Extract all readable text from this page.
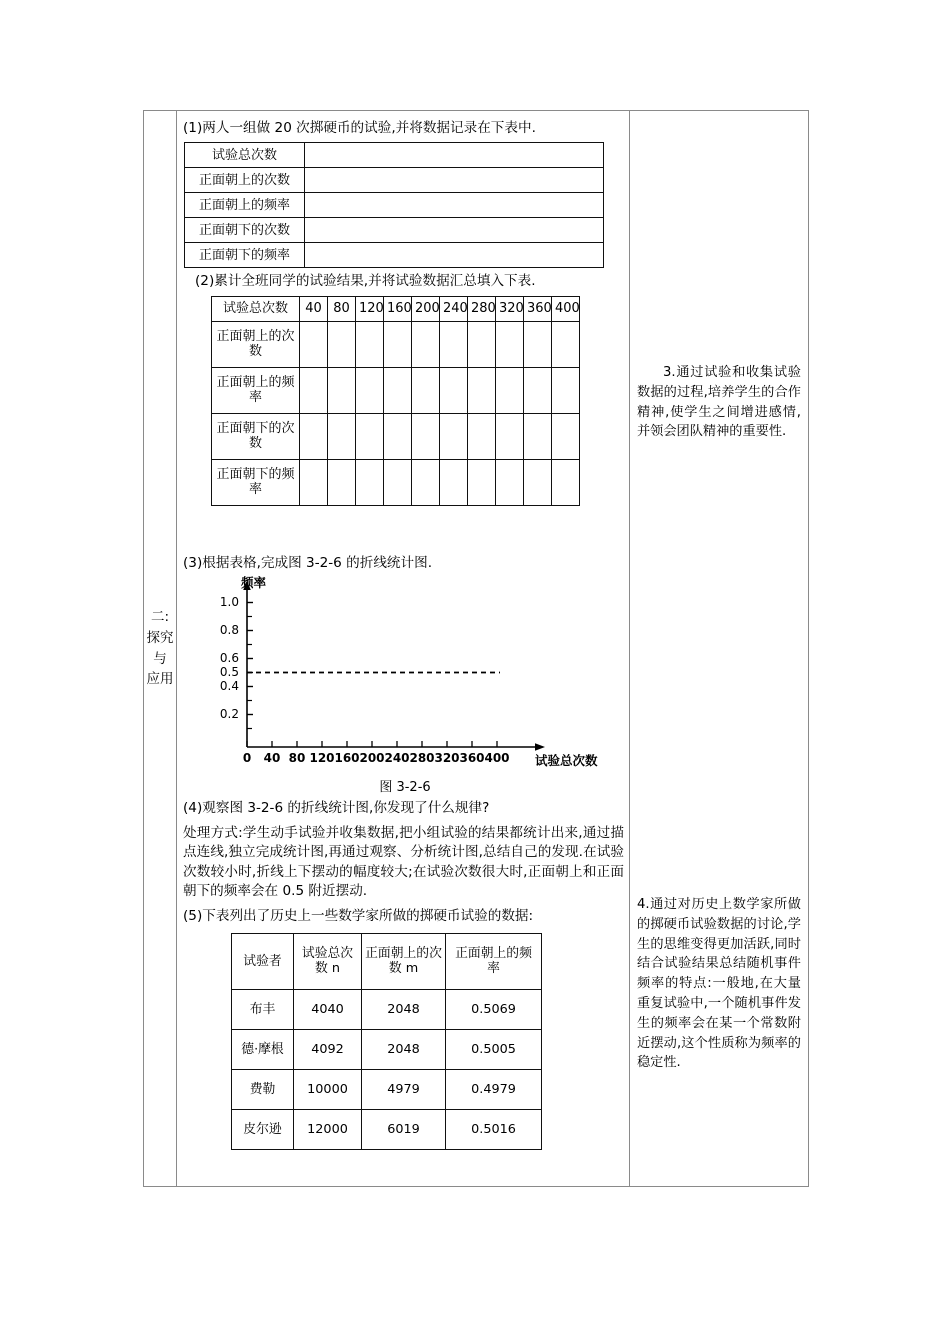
二:
探究
与
应用

(1)两人一组做 20 次掷硬币的试验,并将数据记录在下表中.

试验总次数	
正面朝上的次数	
正面朝上的频率	
正面朝下的次数	
正面朝下的频率	

(2)累计全班同学的试验结果,并将试验数据汇总填入下表.

试验总次数	40	80	120	160	200	240	280	320	360	400
正面朝上的次数										
正面朝上的频率										
正面朝下的次数										
正面朝下的频率										

(3)根据表格,完成图 3-2-6 的折线统计图.

频率
试验总次数
1.0
0.8
0.6
0.5
0.4
0.2
0	40 80 120 160 200 240 280 320 360 400
图 3-2-6

(4)观察图 3-2-6 的折线统计图,你发现了什么规律?

处理方式:学生动手试验并收集数据,把小组试验的结果都统计出来,通过描点连线,独立完成统计图,再通过观察、分析统计图,总结自己的发现.在试验次数较小时,折线上下摆动的幅度较大;在试验次数很大时,正面朝上和正面朝下的频率会在 0.5 附近摆动.

(5)下表列出了历史上一些数学家所做的掷硬币试验的数据:

试验者	试验总次数 n	正面朝上的次数 m	正面朝上的频率
布丰	4040	2048	0.5069
德·摩根	4092	2048	0.5005
费勒	10000	4979	0.4979
皮尔逊	12000	6019	0.5016

3.通过试验和收集试验数据的过程,培养学生的合作精神,使学生之间增进感情,并领会团队精神的重要性.
4.通过对历史上数学家所做的掷硬币试验数据的讨论,学生的思维变得更加活跃,同时结合试验结果总结随机事件频率的特点:一般地,在大量重复试验中,一个随机事件发生的频率会在某一个常数附近摆动,这个性质称为频率的稳定性.
